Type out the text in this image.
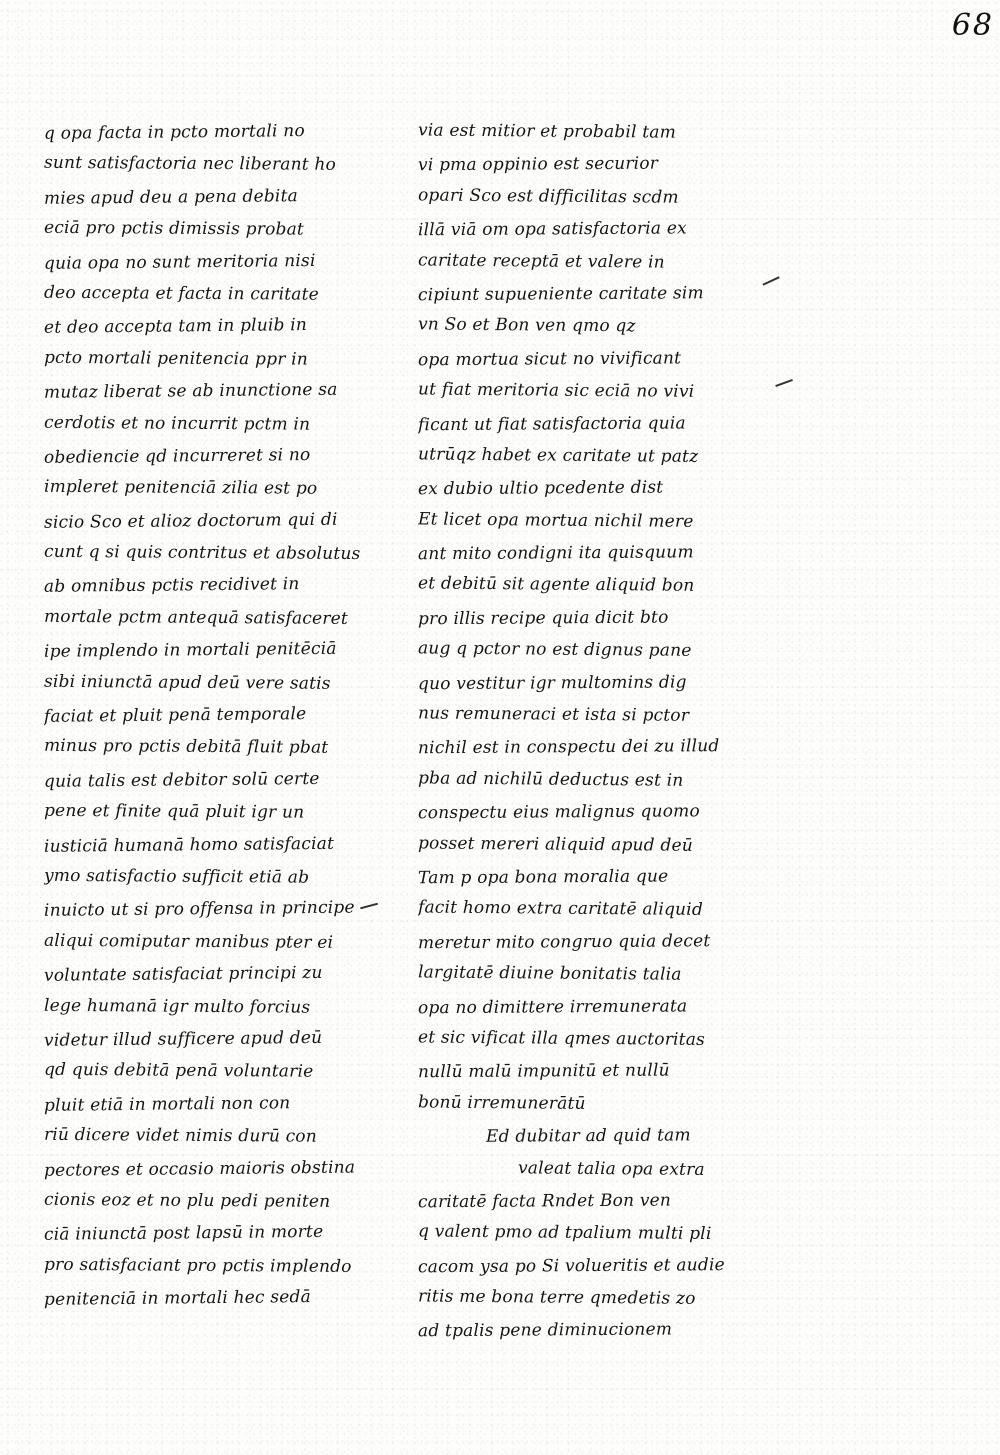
68
q opa facta in pcto mortali no
sunt satisfactoria nec liberant ho
mies apud deu a pena debita
eciā pro pctis dimissis probat
quia opa no sunt meritoria nisi
deo accepta et facta in caritate
et deo accepta tam in pluib in
pcto mortali penitencia ppr in
mutaz liberat se ab inunctione sa
cerdotis et no incurrit pctm in
obediencie qd incurreret si no
impleret penitenciā zilia est po
sicio Sco et alioz doctorum qui di
cunt q si quis contritus et absolutus
ab omnibus pctis recidivet in
mortale pctm antequā satisfaceret
ipe implendo in mortali penitēciā
sibi iniunctā apud deū vere satis
faciat et pluit penā temporale
minus pro pctis debitā fluit pbat
quia talis est debitor solū certe
pene et finite quā pluit igr un
iusticiā humanā homo satisfaciat
ymo satisfactio sufficit etiā ab
inuicto ut si pro offensa in principe
aliqui comiputar manibus pter ei
voluntate satisfaciat principi zu
lege humanā igr multo forcius
videtur illud sufficere apud deū
qd quis debitā penā voluntarie
pluit etiā in mortali non con
riū dicere videt nimis durū con
pectores et occasio maioris obstina
cionis eoz et no plu pedi peniten
ciā iniunctā post lapsū in morte
pro satisfaciant pro pctis implendo
penitenciā in mortali hec sedā
via est mitior et probabil tam
vi pma oppinio est securior
opari Sco est difficilitas scdm
illā viā om opa satisfactoria ex
caritate receptā et valere in
cipiunt supueniente caritate sim
vn So et Bon ven qmo qz
opa mortua sicut no vivificant
ut fiat meritoria sic eciā no vivi
ficant ut fiat satisfactoria quia
utrūqz habet ex caritate ut patz
ex dubio ultio pcedente dist
Et licet opa mortua nichil mere
ant mito condigni ita quisquum
et debitū sit agente aliquid bon
pro illis recipe quia dicit bto
aug q pctor no est dignus pane
quo vestitur igr multomins dig
nus remuneraci et ista si pctor
nichil est in conspectu dei zu illud
pba ad nichilū deductus est in
conspectu eius malignus quomo
posset mereri aliquid apud deū
Tam p opa bona moralia que
facit homo extra caritatē aliquid
meretur mito congruo quia decet
largitatē diuine bonitatis talia
opa no dimittere irremunerata
et sic vificat illa qmes auctoritas
nullū malū impunitū et nullū
bonū irremunerātū
Ed dubitar ad quid tam
valeat talia opa extra
caritatē facta Rndet Bon ven
q valent pmo ad tpalium multi pli
cacom ysa po Si volueritis et audie
ritis me bona terre qmedetis zo
ad tpalis pene diminucionem
